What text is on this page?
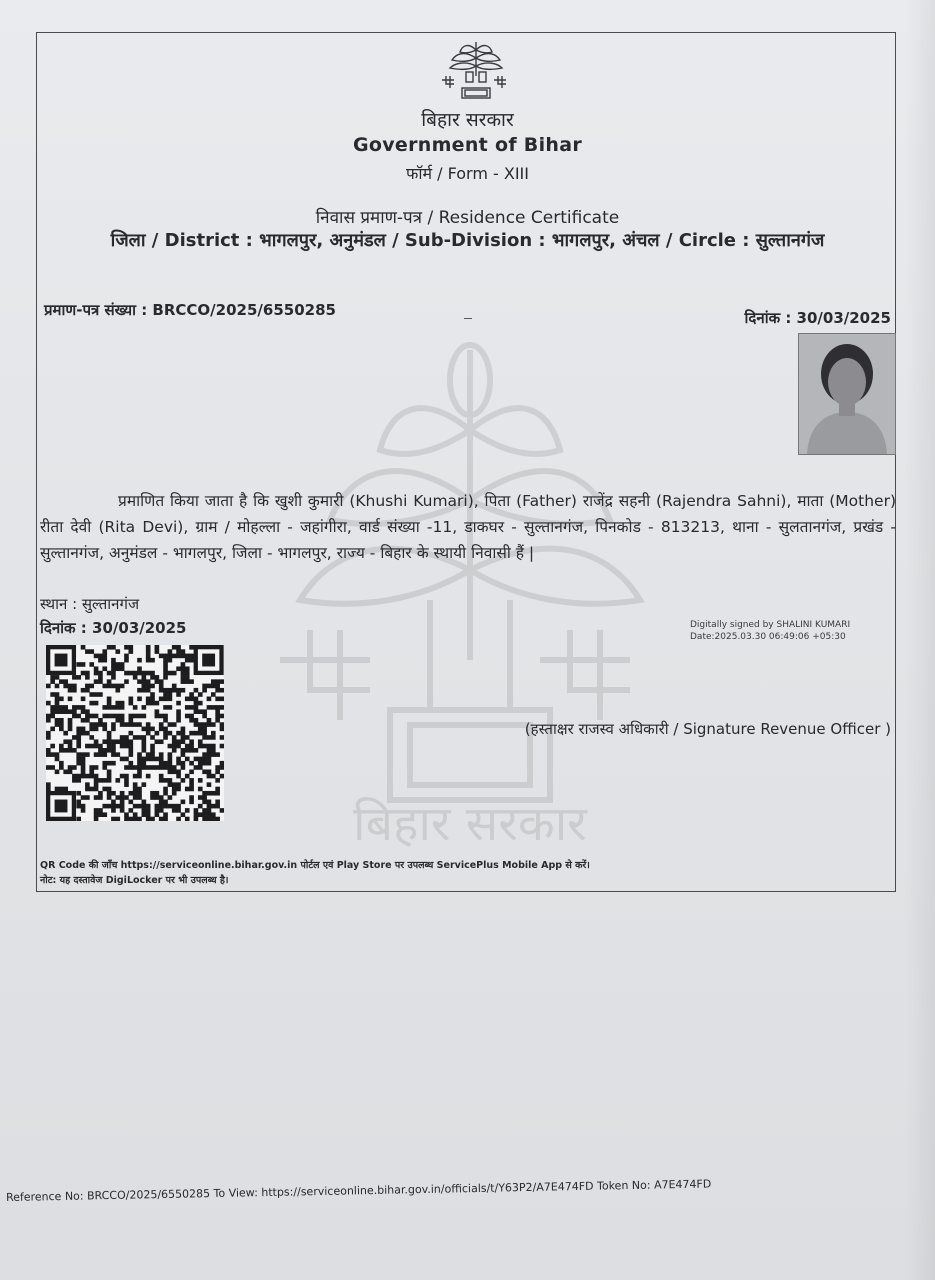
बिहार सरकार
बिहार सरकार
Government of Bihar
फॉर्म / Form - XIII
निवास प्रमाण-पत्र / Residence Certificate
जिला / District : भागलपुर, अनुमंडल / Sub-Division : भागलपुर, अंचल / Circle : सुल्तानगंज
प्रमाण-पत्र संख्या : BRCCO/2025/6550285	दिनांक : 30/03/2025
प्रमाणित किया जाता है कि खुशी कुमारी (Khushi Kumari), पिता (Father) राजेंद्र सहनी (Rajendra Sahni), माता (Mother) रीता देवी (Rita Devi), ग्राम / मोहल्ला - जहांगीरा, वार्ड संख्या -11, डाकघर - सुल्तानगंज, पिनकोड - 813213, थाना - सुलतानगंज, प्रखंड - सुल्तानगंज, अनुमंडल - भागलपुर, जिला - भागलपुर, राज्य - बिहार के स्थायी निवासी हैं |
स्थान : सुल्तानगंज
दिनांक : 30/03/2025	Digitally signed by SHALINI KUMARI
Date:2025.03.30 06:49:06 +05:30
(हस्ताक्षर राजस्व अधिकारी / Signature Revenue Officer )
QR Code की जाँच https://serviceonline.bihar.gov.in पोर्टल एवं Play Store पर उपलब्ध ServicePlus Mobile App से करें।
नोट: यह दस्तावेज DigiLocker पर भी उपलब्ध है।
Reference No: BRCCO/2025/6550285 To View: https://serviceonline.bihar.gov.in/officials/t/Y63P2/A7E474FD Token No: A7E474FD
